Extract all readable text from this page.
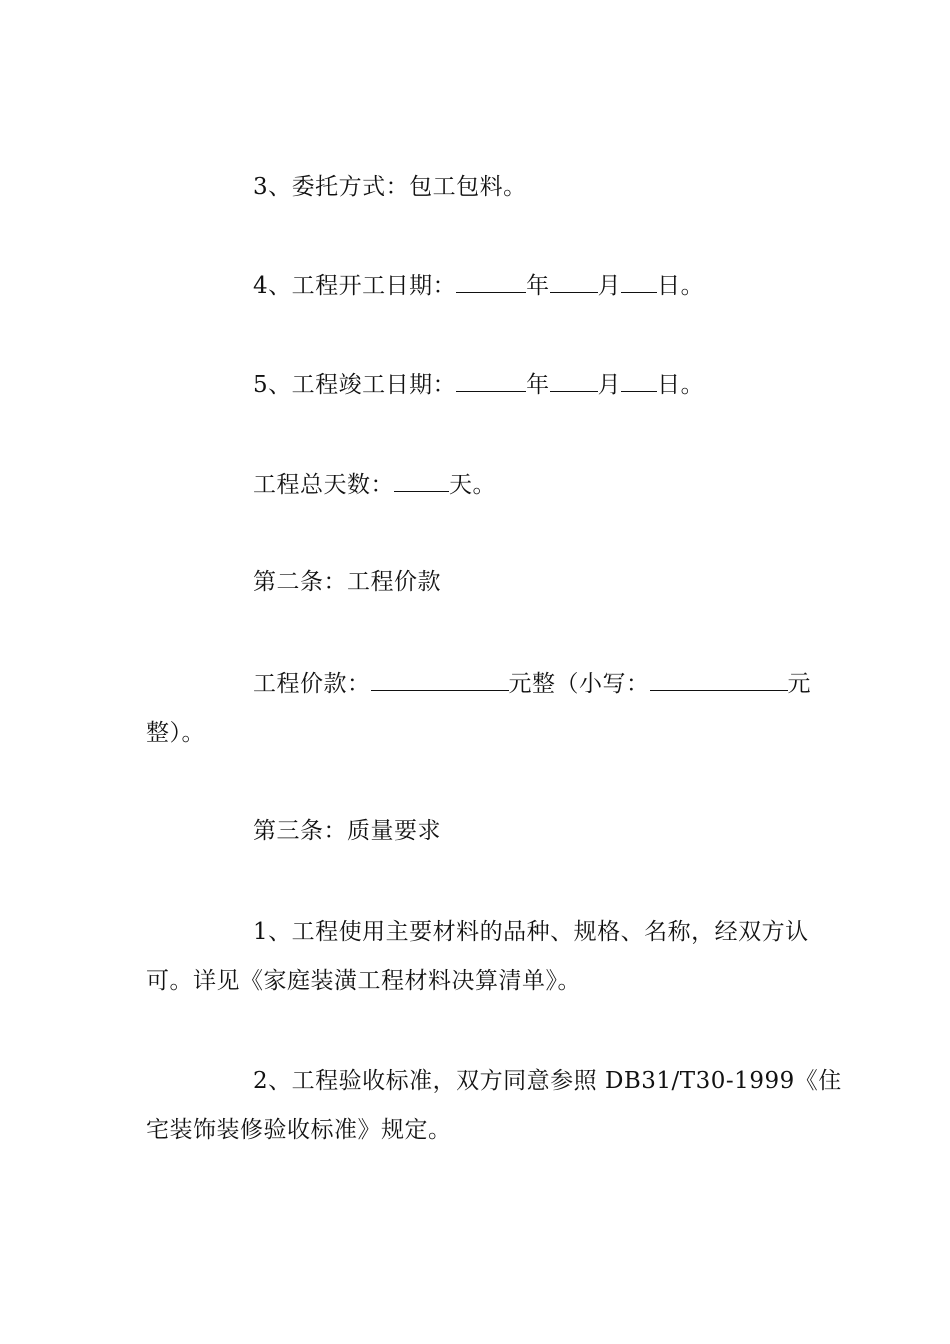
3、委托方式：包工包料。
4、工程开工日期：	年 月 日。
5、工程竣工日期：	年 月 日。
工程总天数： 天。
第二条：工程价款
工程价款：	元整（小写：	元
整）。
第三条：质量要求
1、工程使用主要材料的品种、规格、名称，经双方认
可。详见《家庭装潢工程材料决算清单》。
2、工程验收标准，双方同意参照 DB31/T30-1999《住
宅装饰装修验收标准》规定。
